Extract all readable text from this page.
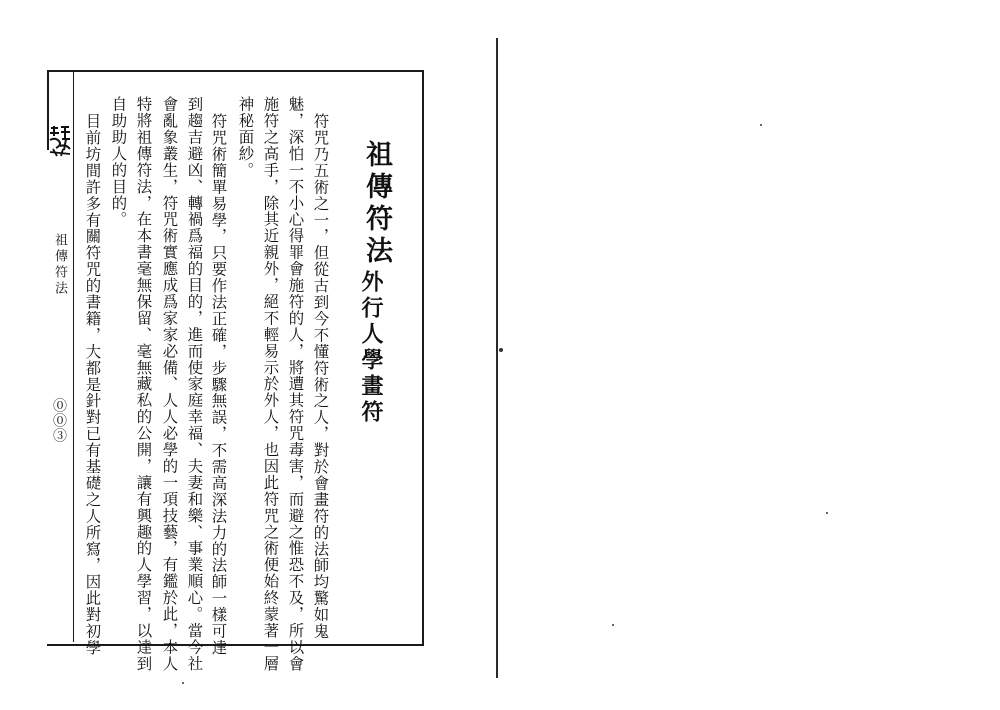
祖傳符法
外行人學畫符
符咒乃五術之一，但從古到今不懂符術之人，對於會畫符的法師均驚如鬼
魅，深怕一不小心得罪會施符的人，將遭其符咒毒害，而避之惟恐不及，所以會
施符之高手，除其近親外，絕不輕易示於外人，也因此符咒之術便始終蒙著一層
神秘面紗。
符咒術簡單易學，只要作法正確，步驟無誤，不需高深法力的法師一樣可達
到趨吉避凶、轉禍爲福的目的，進而使家庭幸福、夫妻和樂、事業順心。當今社
會亂象叢生，符咒術實應成爲家家必備、人人必學的一項技藝，有鑑於此，本人
特將祖傳符法，在本書毫無保留、毫無藏私的公開，讓有興趣的人學習，以達到
自助助人的目的。
目前坊間許多有關符咒的書籍，大都是針對已有基礎之人所寫，因此對初學
祖傳符法
⓪⓪③
